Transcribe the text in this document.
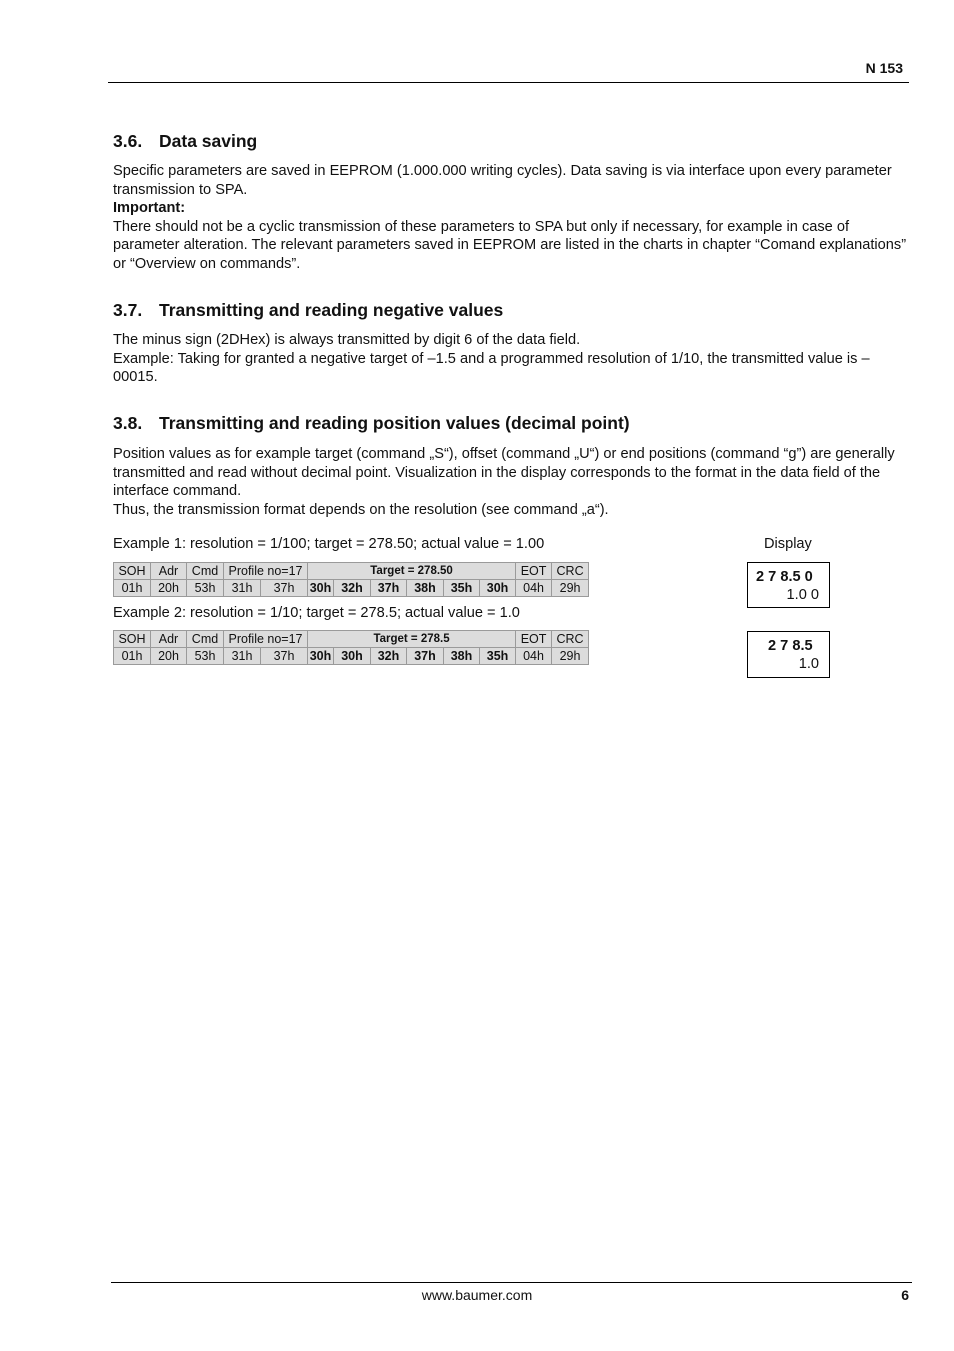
N 153
3.6. Data saving

Specific parameters are saved in EEPROM (1.000.000 writing cycles). Data saving is via interface upon every parameter transmission to SPA.

Important:

There should not be a cyclic transmission of these parameters to SPA but only if necessary, for example in case of parameter alteration. The relevant parameters saved in EEPROM are listed in the charts in chapter “Comand explanations” or “Overview on commands”.

3.7. Transmitting and reading negative values

The minus sign (2DHex) is always transmitted by digit 6 of the data field.

Example: Taking for granted a negative target of –1.5 and a programmed resolution of 1/10, the transmitted value is –00015.

3.8. Transmitting and reading position values (decimal point)

Position values as for example target (command „S“), offset (command „U“) or end positions (command “g”) are generally transmitted and read without decimal point. Visualization in the display corresponds to the format in the data field of the interface command.

Thus, the transmission format depends on the resolution (see command „a“).

Example 1: resolution = 1/100; target = 278.50; actual value = 1.00	Display
SOH	Adr	Cmd	Profile no=17		Target = 278.50						EOT	CRC
01h	20h	53h	31h	37h	30h	32h	37h	38h	35h	30h	04h	29h
2 7 8.5 0
1.0 0
Example 2: resolution = 1/10; target = 278.5; actual value = 1.0
SOH	Adr	Cmd	Profile no=17		Target = 278.5						EOT	CRC
01h	20h	53h	31h	37h	30h	30h	32h	37h	38h	35h	04h	29h
2 7 8.5
1.0
www.baumer.com	6
